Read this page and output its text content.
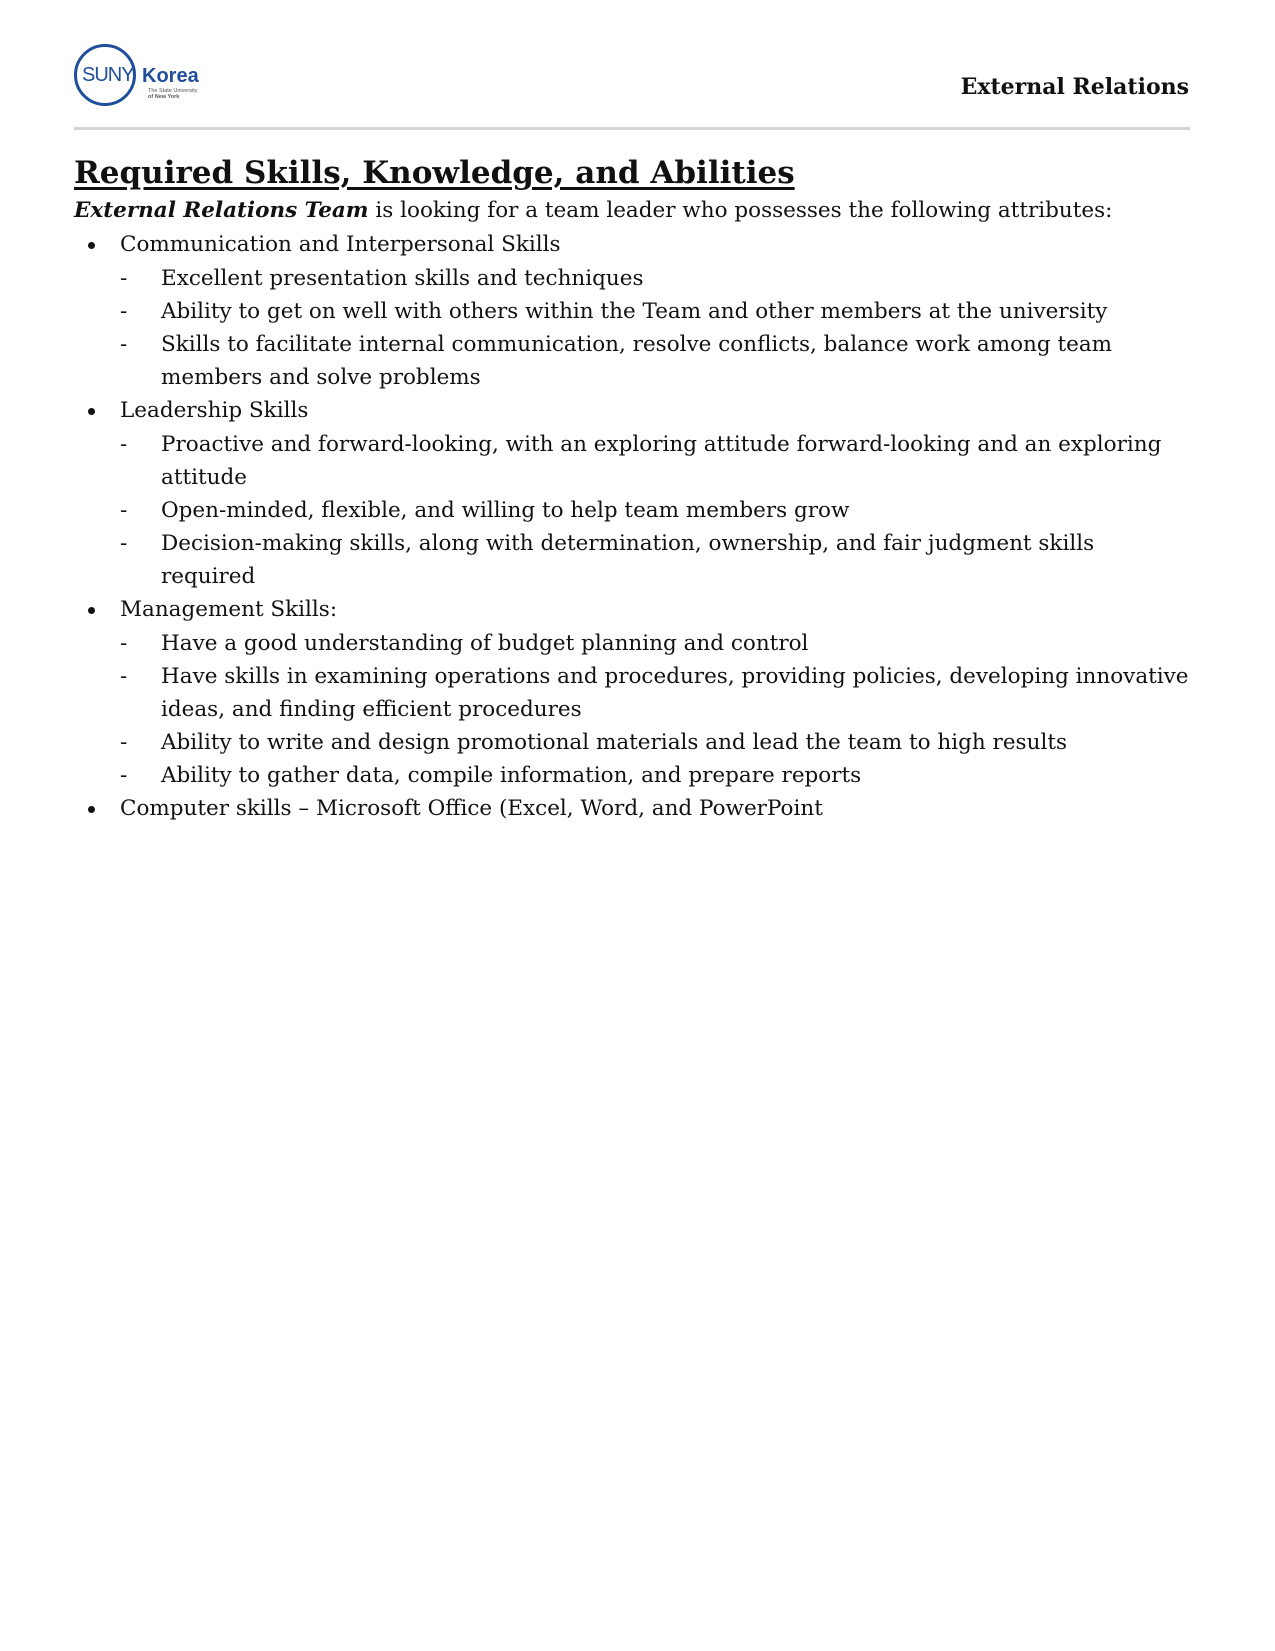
SUNY Korea
The State University
of New York	External Relations
Required Skills, Knowledge, and Abilities

External Relations Team is looking for a team leader who possesses the following attributes:

Communication and Interpersonal Skills
- Excellent presentation skills and techniques
- Ability to get on well with others within the Team and other members at the university
- Skills to facilitate internal communication, resolve conflicts, balance work among team members and solve problems
Leadership Skills
- Proactive and forward-looking, with an exploring attitude forward-looking and an exploring attitude
- Open-minded, flexible, and willing to help team members grow
- Decision-making skills, along with determination, ownership, and fair judgment skills required
Management Skills:
- Have a good understanding of budget planning and control
- Have skills in examining operations and procedures, providing policies, developing innovative ideas, and finding efficient procedures
- Ability to write and design promotional materials and lead the team to high results
- Ability to gather data, compile information, and prepare reports
Computer skills – Microsoft Office (Excel, Word, and PowerPoint
